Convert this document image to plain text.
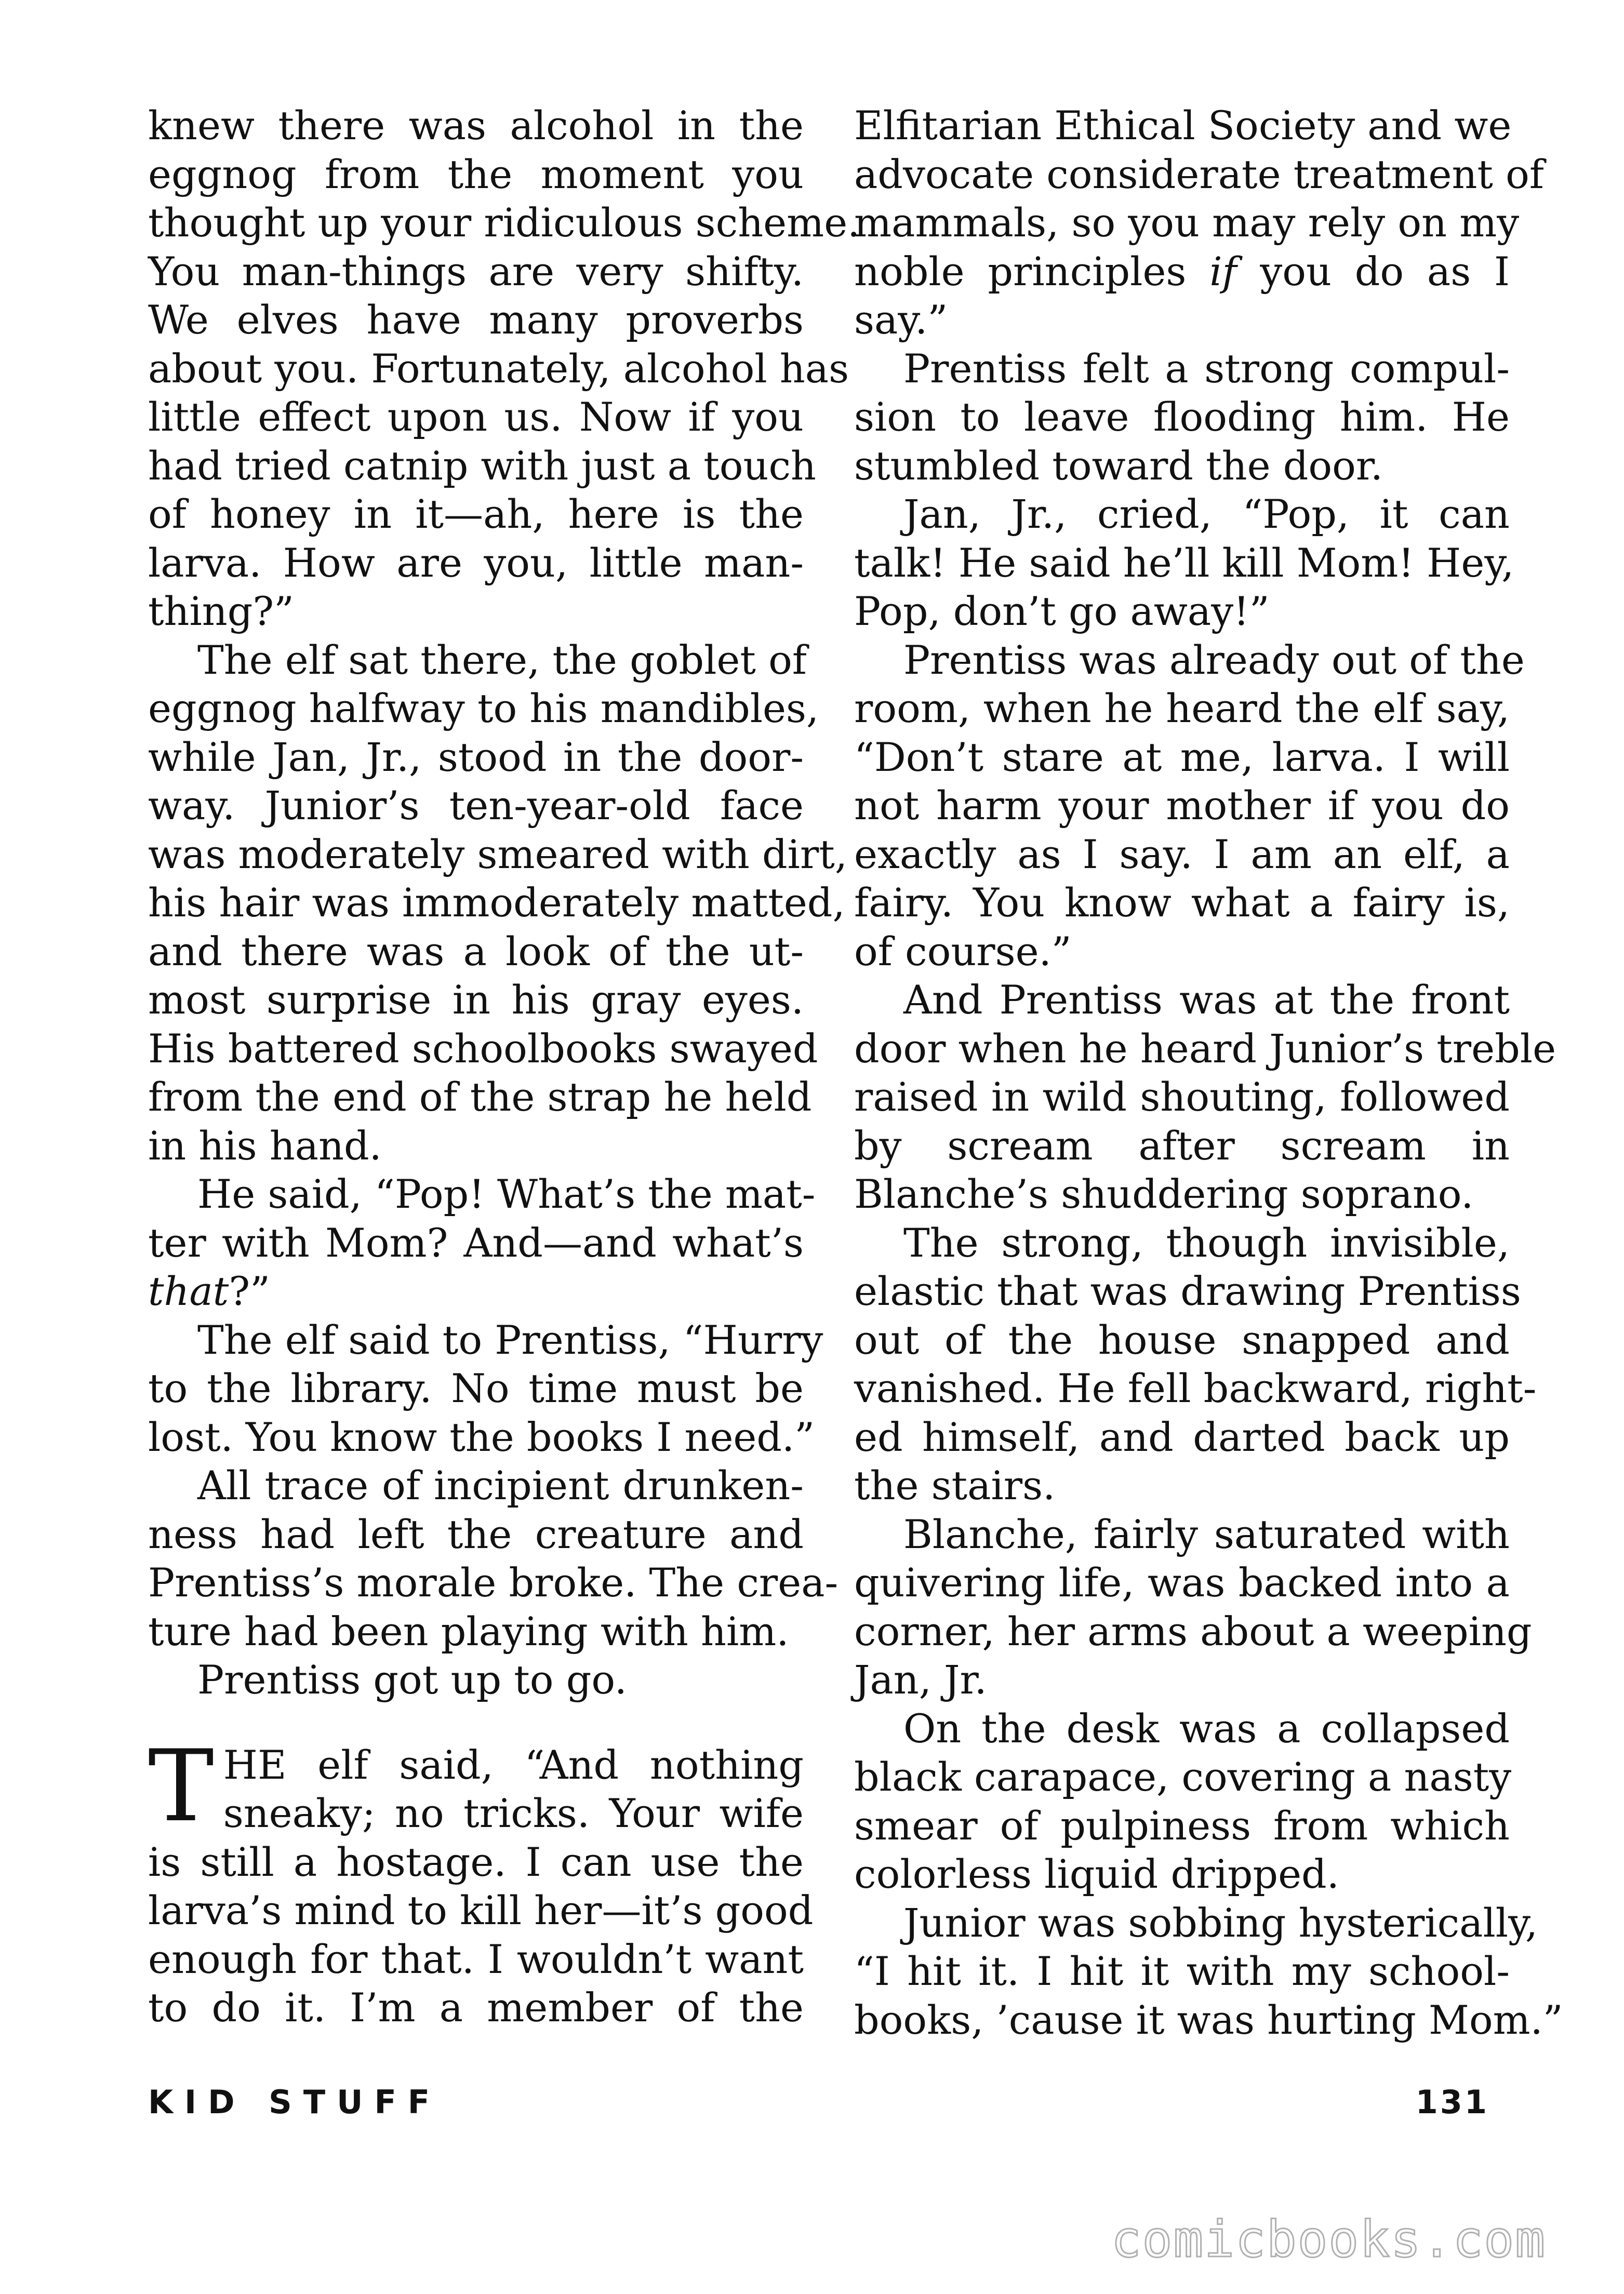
knew there was alcohol in the
eggnog from the moment you
thought up your ridiculous scheme.
You man-things are very shifty.
We elves have many proverbs
about you. Fortunately, alcohol has
little effect upon us. Now if you
had tried catnip with just a touch
of honey in it—ah, here is the
larva. How are you, little man-
thing?”
The elf sat there, the goblet of
eggnog halfway to his mandibles,
while Jan, Jr., stood in the door-
way. Junior’s ten-year-old face
was moderately smeared with dirt,
his hair was immoderately matted,
and there was a look of the ut-
most surprise in his gray eyes.
His battered schoolbooks swayed
from the end of the strap he held
in his hand.
He said, “Pop! What’s the mat-
ter with Mom? And—and what’s
that?”
The elf said to Prentiss, “Hurry
to the library. No time must be
lost. You know the books I need.”
All trace of incipient drunken-
ness had left the creature and
Prentiss’s morale broke. The crea-
ture had been playing with him.
Prentiss got up to go.
T HE elf said, “And nothing
sneaky; no tricks. Your wife
is still a hostage. I can use the
larva’s mind to kill her—it’s good
enough for that. I wouldn’t want
to do it. I’m a member of the
Elfitarian Ethical Society and we
advocate considerate treatment of
mammals, so you may rely on my
noble principles if you do as I
say.”
Prentiss felt a strong compul-
sion to leave flooding him. He
stumbled toward the door.
Jan, Jr., cried, “Pop, it can
talk! He said he’ll kill Mom! Hey,
Pop, don’t go away!”
Prentiss was already out of the
room, when he heard the elf say,
“Don’t stare at me, larva. I will
not harm your mother if you do
exactly as I say. I am an elf, a
fairy. You know what a fairy is,
of course.”
And Prentiss was at the front
door when he heard Junior’s treble
raised in wild shouting, followed
by scream after scream in
Blanche’s shuddering soprano.
The strong, though invisible,
elastic that was drawing Prentiss
out of the house snapped and
vanished. He fell backward, right-
ed himself, and darted back up
the stairs.
Blanche, fairly saturated with
quivering life, was backed into a
corner, her arms about a weeping
Jan, Jr.
On the desk was a collapsed
black carapace, covering a nasty
smear of pulpiness from which
colorless liquid dripped.
Junior was sobbing hysterically,
“I hit it. I hit it with my school-
books, ’cause it was hurting Mom.”
KID STUFF	131
comicbooks.com
